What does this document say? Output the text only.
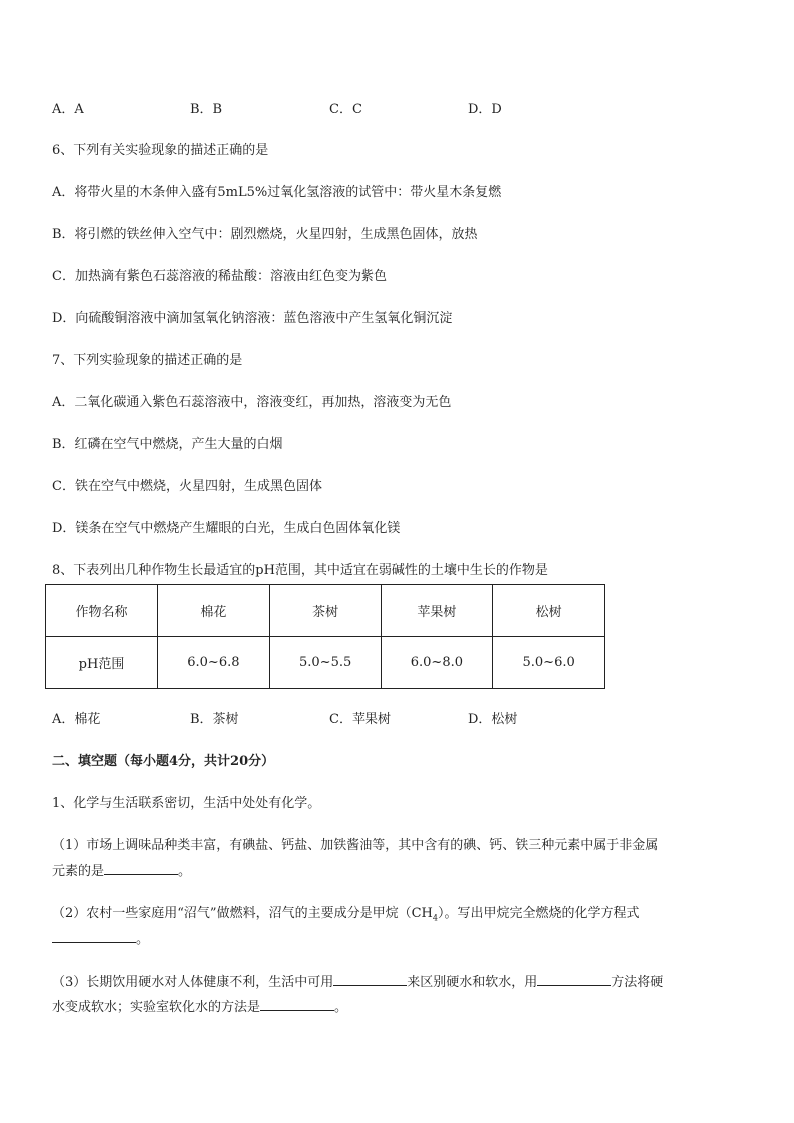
A．A	B．B	C．C	D．D
6、下列有关实验现象的描述正确的是
A．将带火星的木条伸入盛有5mL5%过氧化氢溶液的试管中：带火星木条复燃
B．将引燃的铁丝伸入空气中：剧烈燃烧，火星四射，生成黑色固体，放热
C．加热滴有紫色石蕊溶液的稀盐酸：溶液由红色变为紫色
D．向硫酸铜溶液中滴加氢氧化钠溶液：蓝色溶液中产生氢氧化铜沉淀
7、下列实验现象的描述正确的是
A．二氧化碳通入紫色石蕊溶液中，溶液变红，再加热，溶液变为无色
B．红磷在空气中燃烧，产生大量的白烟
C．铁在空气中燃烧，火星四射，生成黑色固体
D．镁条在空气中燃烧产生耀眼的白光，生成白色固体氧化镁
8、下表列出几种作物生长最适宜的pH范围，其中适宜在弱碱性的土壤中生长的作物是
作物名称	棉花	茶树	苹果树	松树
pH范围	6.0~6.8	5.0~5.5	6.0~8.0	5.0~6.0
A．棉花	B．茶树	C．苹果树	D．松树
二、填空题（每小题4分，共计20分）
1、化学与生活联系密切，生活中处处有化学。
（1）市场上调味品种类丰富，有碘盐、钙盐、加铁酱油等，其中含有的碘、钙、铁三种元素中属于非金属
元素的是	。
（2）农村一些家庭用“沼气”做燃料，沼气的主要成分是甲烷$(CH_4)$。写出甲烷完全燃烧的化学方程式
。
（3）长期饮用硬水对人体健康不利，生活中可用	来区别硬水和软水，用	方法将硬
水变成软水；实验室软化水的方法是	。
